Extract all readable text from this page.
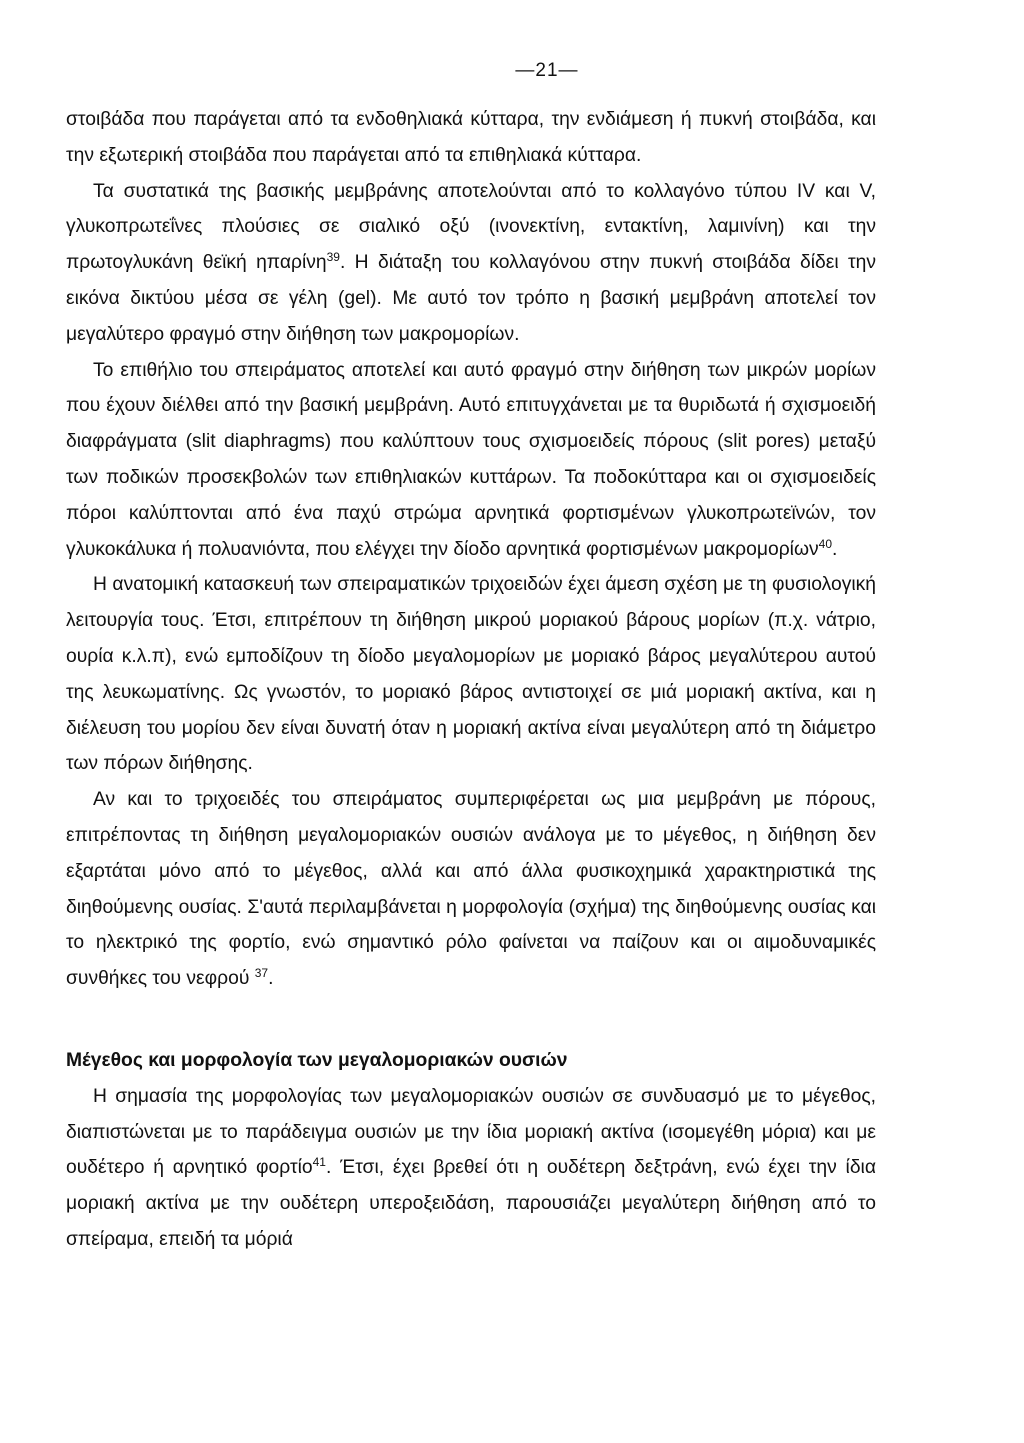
—21—

στοιβάδα που παράγεται από τα ενδοθηλιακά κύτταρα, την ενδιάμεση ή πυκνή στοιβάδα, και την εξωτερική στοιβάδα που παράγεται από τα επιθηλιακά κύτταρα.

Τα συστατικά της βασικής μεμβράνης αποτελούνται από το κολλαγόνο τύπου IV και V, γλυκοπρωτεΐνες πλούσιες σε σιαλικό οξύ (ινονεκτίνη, εντακτίνη, λαμινίνη) και την πρωτογλυκάνη θεϊκή ηπαρίνη$^{39}$. Η διάταξη του κολλαγόνου στην πυκνή στοιβάδα δίδει την εικόνα δικτύου μέσα σε γέλη (gel). Με αυτό τον τρόπο η βασική μεμβράνη αποτελεί τον μεγαλύτερο φραγμό στην διήθηση των μακρομορίων.

Το επιθήλιο του σπειράματος αποτελεί και αυτό φραγμό στην διήθηση των μικρών μορίων που έχουν διέλθει από την βασική μεμβράνη. Αυτό επιτυγχάνεται με τα θυριδωτά ή σχισμοειδή διαφράγματα (slit diaphragms) που καλύπτουν τους σχισμοειδείς πόρους (slit pores) μεταξύ των ποδικών προσεκβολών των επιθηλιακών κυττάρων. Τα ποδοκύτταρα και οι σχισμοειδείς πόροι καλύπτονται από ένα παχύ στρώμα αρνητικά φορτισμένων γλυκοπρωτεϊνών, τον γλυκοκάλυκα ή πολυανιόντα, που ελέγχει την δίοδο αρνητικά φορτισμένων μακρομορίων$^{40}$.

Η ανατομική κατασκευή των σπειραματικών τριχοειδών έχει άμεση σχέση με τη φυσιολογική λειτουργία τους. Έτσι, επιτρέπουν τη διήθηση μικρού μοριακού βάρους μορίων (π.χ. νάτριο, ουρία κ.λ.π), ενώ εμποδίζουν τη δίοδο μεγαλομορίων με μοριακό βάρος μεγαλύτερου αυτού της λευκωματίνης. Ως γνωστόν, το μοριακό βάρος αντιστοιχεί σε μιά μοριακή ακτίνα, και η διέλευση του μορίου δεν είναι δυνατή όταν η μοριακή ακτίνα είναι μεγαλύτερη από τη διάμετρο των πόρων διήθησης.

Αν και το τριχοειδές του σπειράματος συμπεριφέρεται ως μια μεμβράνη με πόρους, επιτρέποντας τη διήθηση μεγαλομοριακών ουσιών ανάλογα με το μέγεθος, η διήθηση δεν εξαρτάται μόνο από το μέγεθος, αλλά και από άλλα φυσικοχημικά χαρακτηριστικά της διηθούμενης ουσίας. Σ'αυτά περιλαμβάνεται η μορφολογία (σχήμα) της διηθούμενης ουσίας και το ηλεκτρικό της φορτίο, ενώ σημαντικό ρόλο φαίνεται να παίζουν και οι αιμοδυναμικές συνθήκες του νεφρού $^{37}$.

Μέγεθος και μορφολογία των μεγαλομοριακών ουσιών

Η σημασία της μορφολογίας των μεγαλομοριακών ουσιών σε συνδυασμό με το μέγεθος, διαπιστώνεται με το παράδειγμα ουσιών με την ίδια μοριακή ακτίνα (ισομεγέθη μόρια) και με ουδέτερο ή αρνητικό φορτίο$^{41}$. Έτσι, έχει βρεθεί ότι η ουδέτερη δεξτράνη, ενώ έχει την ίδια μοριακή ακτίνα με την ουδέτερη υπεροξειδάση, παρουσιάζει μεγαλύτερη διήθηση από το σπείραμα, επειδή τα μόριά
